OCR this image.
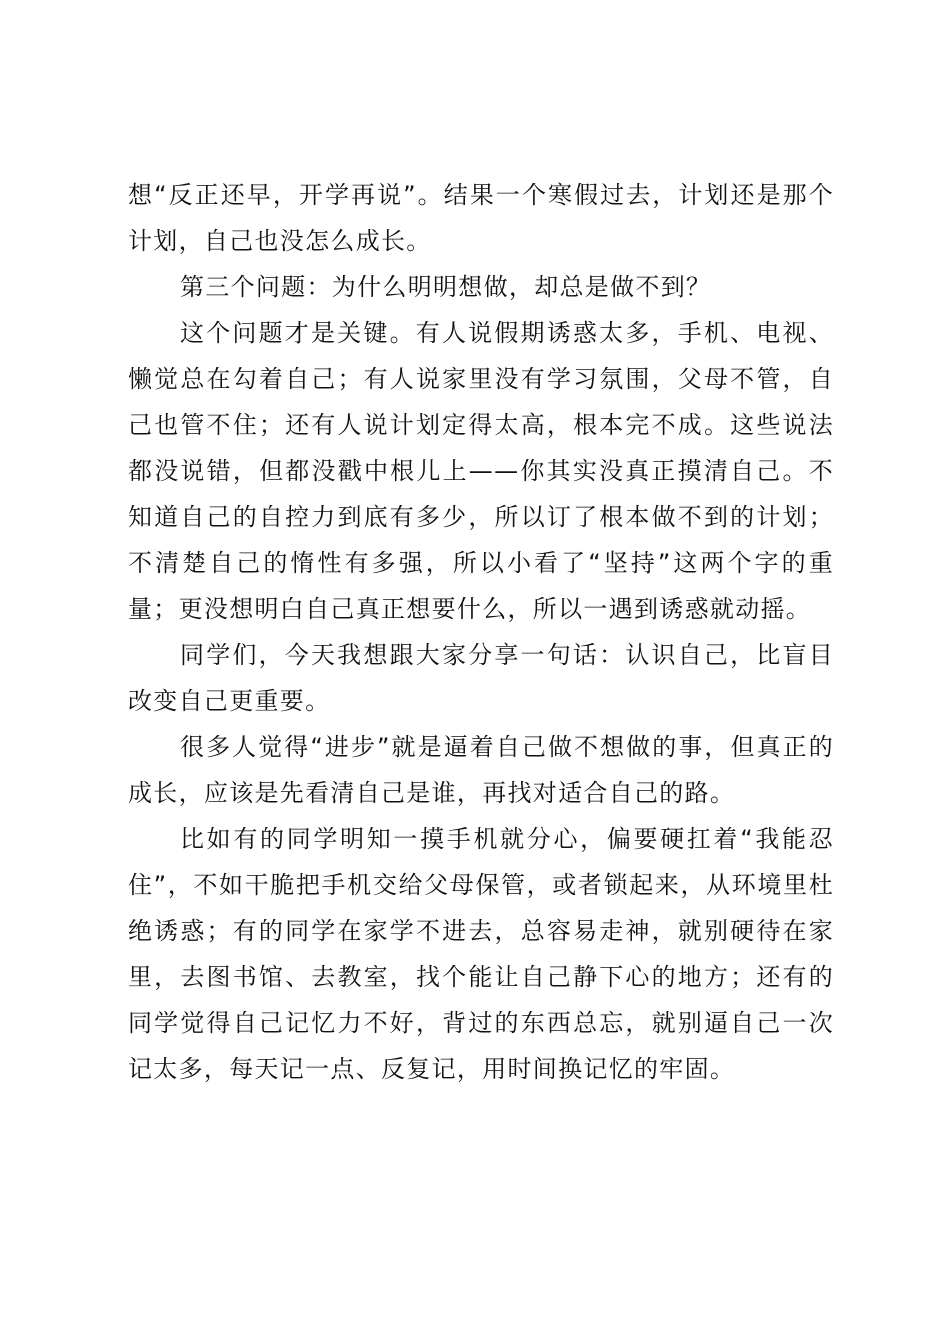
想“反正还早，开学再说”。结果一个寒假过去，计划还是那个计划，自己也没怎么成长。

第三个问题：为什么明明想做，却总是做不到？

这个问题才是关键。有人说假期诱惑太多，手机、电视、懒觉总在勾着自己；有人说家里没有学习氛围，父母不管，自己也管不住；还有人说计划定得太高，根本完不成。这些说法都没说错，但都没戳中根儿上——你其实没真正摸清自己。不知道自己的自控力到底有多少，所以订了根本做不到的计划；不清楚自己的惰性有多强，所以小看了“坚持”这两个字的重量；更没想明白自己真正想要什么，所以一遇到诱惑就动摇。

同学们，今天我想跟大家分享一句话：认识自己，比盲目改变自己更重要。

很多人觉得“进步”就是逼着自己做不想做的事，但真正的成长，应该是先看清自己是谁，再找对适合自己的路。

比如有的同学明知一摸手机就分心，偏要硬扛着“我能忍住”，不如干脆把手机交给父母保管，或者锁起来，从环境里杜绝诱惑；有的同学在家学不进去，总容易走神，就别硬待在家里，去图书馆、去教室，找个能让自己静下心的地方；还有的同学觉得自己记忆力不好，背过的东西总忘，就别逼自己一次记太多，每天记一点、反复记，用时间换记忆的牢固。
